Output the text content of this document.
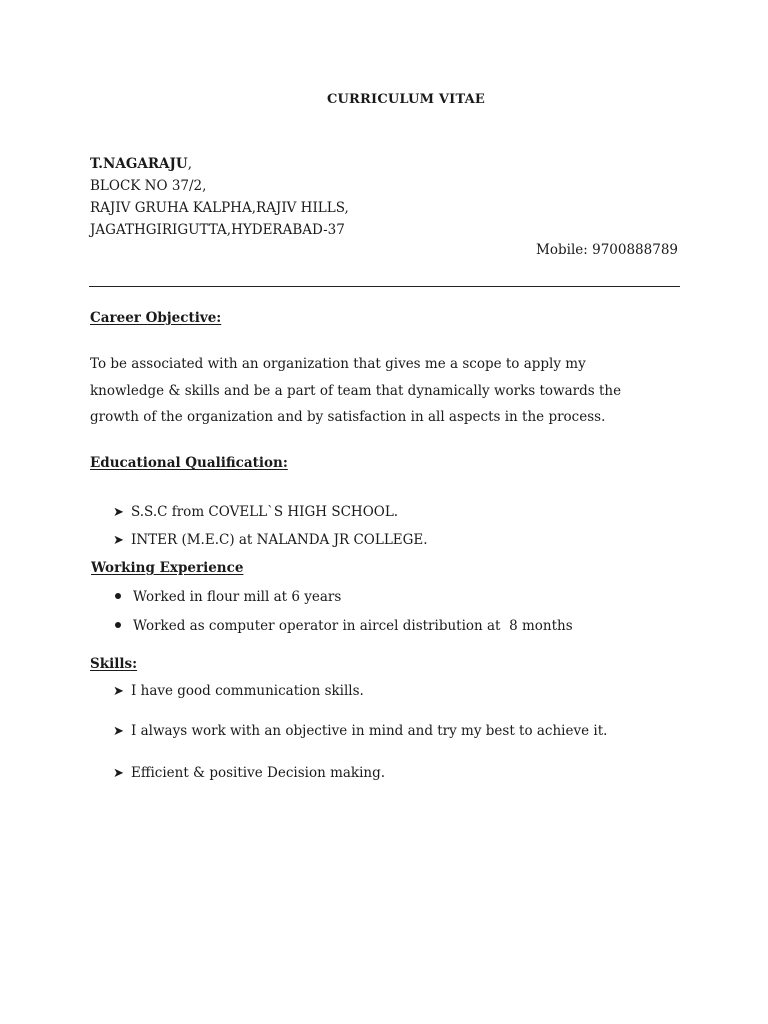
CURRICULUM VITAE
T.NAGARAJU,
BLOCK NO 37/2,
RAJIV GRUHA KALPHA,RAJIV HILLS,
JAGATHGIRIGUTTA,HYDERABAD-37
Mobile: 9700888789
Career Objective:
To be associated with an organization that gives me a scope to apply my
knowledge & skills and be a part of team that dynamically works towards the
growth of the organization and by satisfaction in all aspects in the process.
Educational Qualification:
➤ S.S.C from COVELL`S HIGH SCHOOL.
➤ INTER (M.E.C) at NALANDA JR COLLEGE.
Working Experience
Worked in flour mill at 6 years
Worked as computer operator in aircel distribution at  8 months
Skills:
➤ I have good communication skills.
➤ I always work with an objective in mind and try my best to achieve it.
➤ Efficient & positive Decision making.
